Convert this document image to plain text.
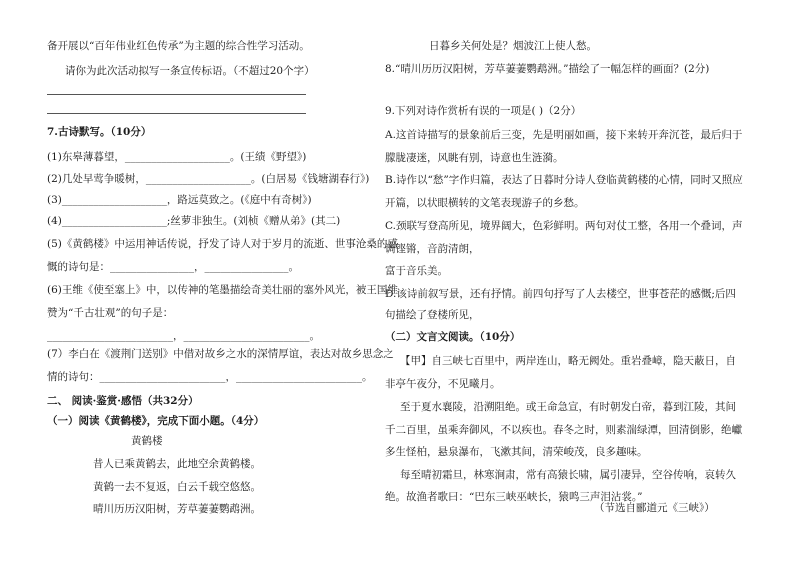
备开展以“百年伟业红色传承”为主题的综合性学习活动。
请你为此次活动拟写一条宣传标语。（不超过20个字）
7.古诗默写。（10分）
(1)东皋薄暮望，____________________。(王绩《野望》)
(2)几处早莺争暖树，____________________。(白居易《钱塘湖春行》)
(3)____________________，路远莫致之。(《庭中有奇树》)
(4)____________________;丝萝非独生。(刘桢《赠从弟》(其二)
(5)《黄鹤楼》中运用神话传说，抒发了诗人对于岁月的流逝、世事沧桑的感
慨的诗句是：________________，________________。
(6)王维《使至塞上》中，以传神的笔墨描绘奇美壮丽的塞外风光，被王国维
赞为“千古壮观”的句子是：
________________________，________________________。
(7）李白在《渡荆门送别》中借对故乡之水的深情厚谊，表达对故乡思念之
情的诗句：________________________，________________________。
二、 阅读·鉴赏·感悟（共32分）
（一）阅读《黄鹤楼》，完成下面小题。（4分）
黄鹤楼
昔人已乘黄鹤去，此地空余黄鹤楼。
黄鹤一去不复返，白云千载空悠悠。
晴川历历汉阳树，芳草萋萋鹦鹉洲。
日暮乡关何处是？烟波江上使人愁。
8.“晴川历历汉阳树，芳草萋萋鹦鹉洲。”描绘了一幅怎样的画面？(2分)
9.下列对诗作赏析有误的一项是( )（2分）
A.这首诗描写的景象前后三变，先是明丽如画，接下来转开奔沉苍，最后归于
朦胧凄迷，风眺有别，诗意也生涟漪。
B.诗作以“愁”字作归篇，表达了日暮时分诗人登临黄鹤楼的心情，同时又照应
开篇，以状眼横转的文笔表现游子的乡愁。
C.颈联写登高所见，境界阔大，色彩鲜明。两句对仗工整，各用一个叠词，声
调铿锵，音韵清朗，
富于音乐美。
D.该诗前叙写景，还有抒情。前四句抒写了人去楼空，世事苍茫的感慨;后四
句描绘了登楼所见，
（二）文言文阅读。（10分）
【甲】自三峡七百里中，两岸连山，略无阙处。重岩叠嶂，隐天蔽日，自
非亭午夜分，不见曦月。
至于夏水襄陵，沿溯阻绝。或王命急宣，有时朝发白帝，暮到江陵，其间
千二百里，虽乘奔御风，不以疾也。春冬之时，则素湍绿潭，回清倒影，绝巘
多生怪柏，悬泉瀑布，飞漱其间，清荣峻茂，良多趣味。
每至晴初霜旦，林寒涧肃，常有高猿长啸，属引凄异，空谷传响，哀转久
绝。故渔者歌曰：“巴东三峡巫峡长，猿鸣三声泪沾裳。”
（节选自郦道元《三峡》）
